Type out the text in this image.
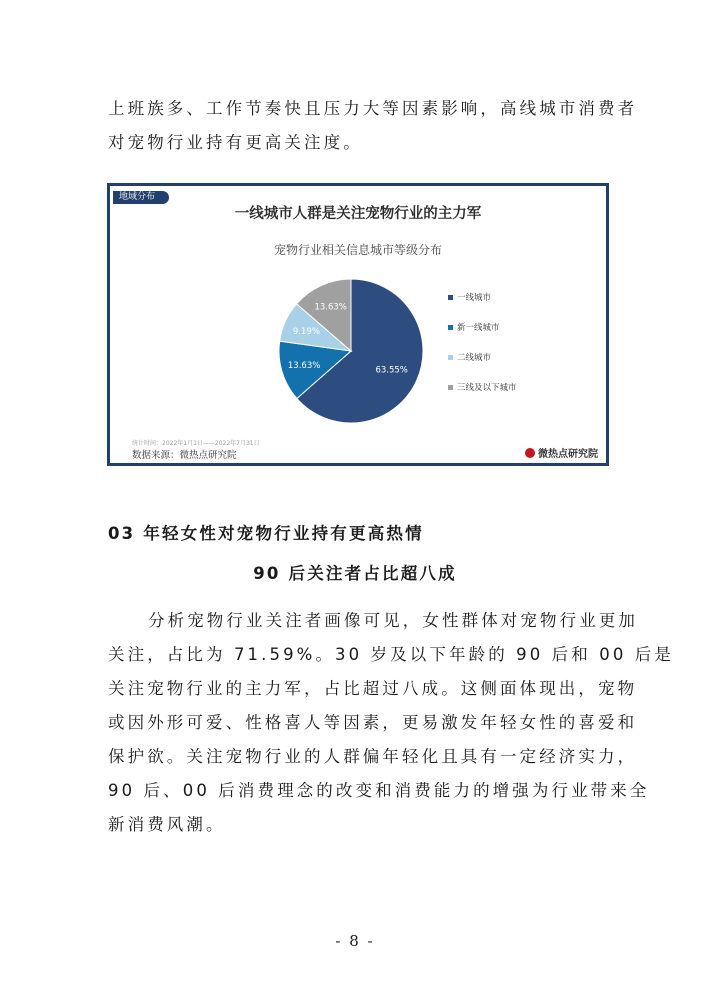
上班族多、工作节奏快且压力大等因素影响，高线城市消费者
对宠物行业持有更高关注度。
地域分布

一线城市人群是关注宠物行业的主力军

宠物行业相关信息城市等级分布

63.55%
13.63%
9.19%
13.63%
一线城市
新一线城市
二线城市
三线及以下城市
统计时间：2022年1月1日——2022年7月31日
数据来源：微热点研究院	微热点研究院

03 年轻女性对宠物行业持有更高热情

90 后关注者占比超八成

分析宠物行业关注者画像可见，女性群体对宠物行业更加
关注，占比为 71.59%。30 岁及以下年龄的 90 后和 00 后是
关注宠物行业的主力军，占比超过八成。这侧面体现出，宠物
或因外形可爱、性格喜人等因素，更易激发年轻女性的喜爱和
保护欲。关注宠物行业的人群偏年轻化且具有一定经济实力，
90 后、00 后消费理念的改变和消费能力的增强为行业带来全
新消费风潮。
- 8 -
